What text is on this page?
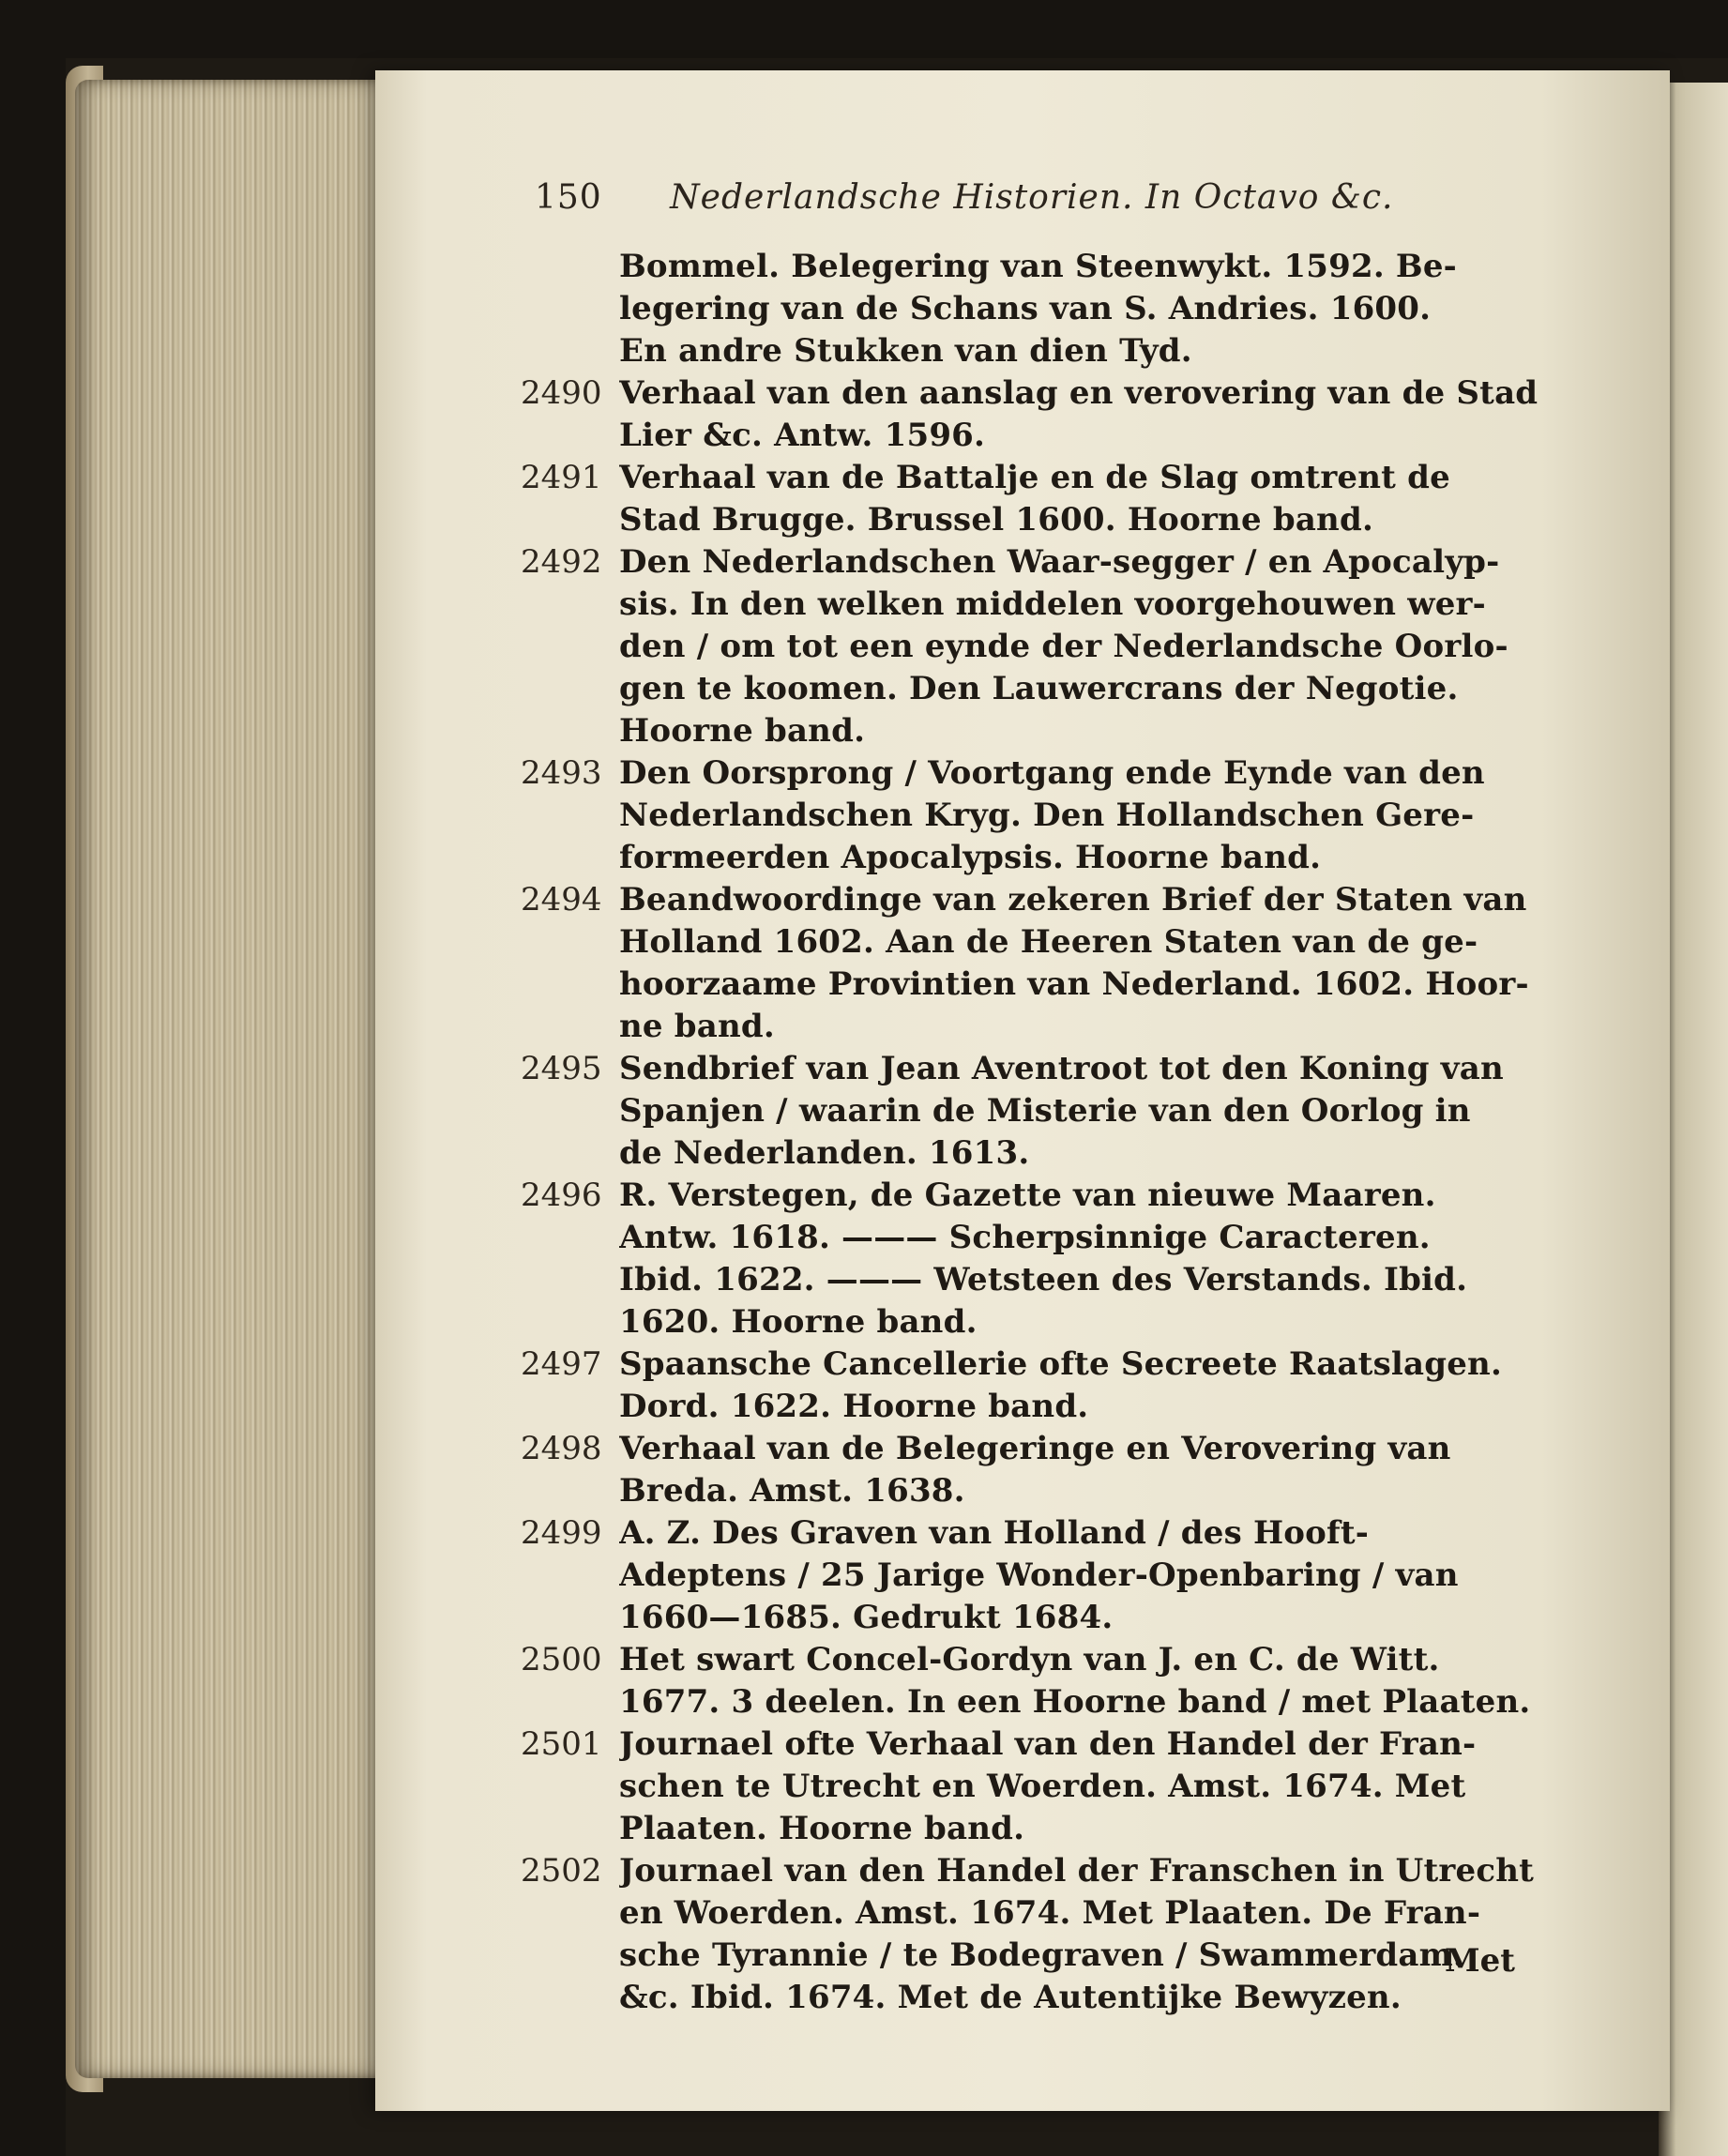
150 Nederlandsche Historien. In Octavo &c.
Bommel. Belegering van Steenwykt. 1592. Be-
legering van de Schans van S. Andries. 1600.
En andre Stukken van dien Tyd.
2490 Verhaal van den aanslag en verovering van de Stad
Lier &c. Antw. 1596.
2491 Verhaal van de Battalje en de Slag omtrent de
Stad Brugge. Brussel 1600. Hoorne band.
2492 Den Nederlandschen Waar-segger / en Apocalyp-
sis. In den welken middelen voorgehouwen wer-
den / om tot een eynde der Nederlandsche Oorlo-
gen te koomen. Den Lauwercrans der Negotie.
Hoorne band.
2493 Den Oorsprong / Voortgang ende Eynde van den
Nederlandschen Kryg. Den Hollandschen Gere-
formeerden Apocalypsis. Hoorne band.
2494 Beandwoordinge van zekeren Brief der Staten van
Holland 1602. Aan de Heeren Staten van de ge-
hoorzaame Provintien van Nederland. 1602. Hoor-
ne band.
2495 Sendbrief van Jean Aventroot tot den Koning van
Spanjen / waarin de Misterie van den Oorlog in
de Nederlanden. 1613.
2496 R. Verstegen, de Gazette van nieuwe Maaren.
Antw. 1618. ——— Scherpsinnige Caracteren.
Ibid. 1622. ——— Wetsteen des Verstands. Ibid.
1620. Hoorne band.
2497 Spaansche Cancellerie ofte Secreete Raatslagen.
Dord. 1622. Hoorne band.
2498 Verhaal van de Belegeringe en Verovering van
Breda. Amst. 1638.
2499 A. Z. Des Graven van Holland / des Hooft-
Adeptens / 25 Jarige Wonder-Openbaring / van
1660—1685. Gedrukt 1684.
2500 Het swart Concel-Gordyn van J. en C. de Witt.
1677. 3 deelen. In een Hoorne band / met Plaaten.
2501 Journael ofte Verhaal van den Handel der Fran-
schen te Utrecht en Woerden. Amst. 1674. Met
Plaaten. Hoorne band.
2502 Journael van den Handel der Franschen in Utrecht
en Woerden. Amst. 1674. Met Plaaten. De Fran-
sche Tyrannie / te Bodegraven / Swammerdam.
&c. Ibid. 1674. Met de Autentijke Bewyzen.
Met
